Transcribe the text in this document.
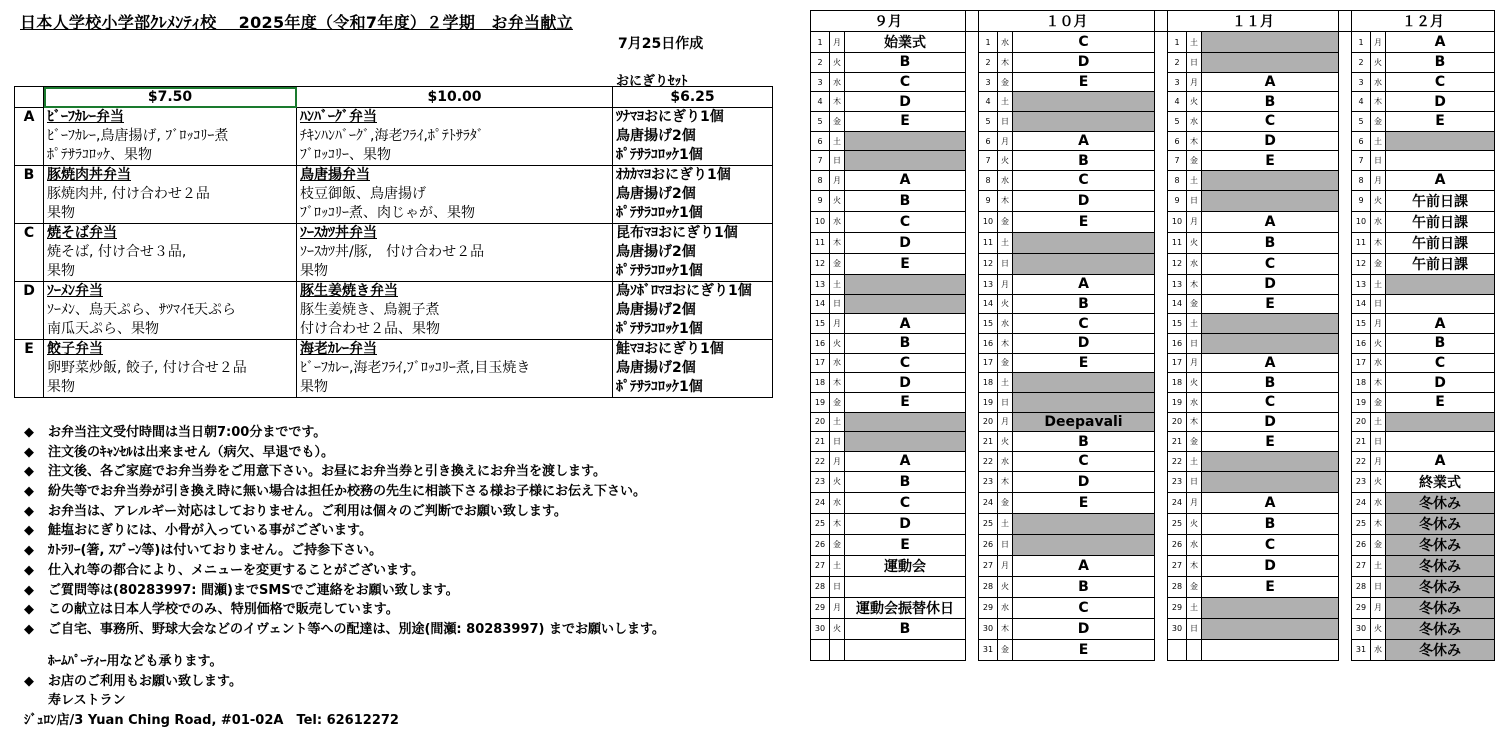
日本人学校小学部ｸﾚﾒﾝﾃｨ校　 2025年度（令和7年度）２学期　お弁当献立
7月25日作成
おにぎりｾｯﾄ
	$7.50	$10.00	$6.25
A	ﾋﾞｰﾌｶﾚｰ弁当	ﾊﾝﾊﾞｰｸﾞ弁当	ﾂﾅﾏﾖおにぎり1個
	ﾋﾞｰﾌｶﾚｰ,鳥唐揚げ, ﾌﾞﾛｯｺﾘｰ煮	ﾁｷﾝﾊﾝﾊﾞｰｸﾞ,海老ﾌﾗｲ,ﾎﾟﾃﾄｻﾗﾀﾞ	鳥唐揚げ2個
	ﾎﾟﾃｻﾗｺﾛｯｹ、果物	ﾌﾞﾛｯｺﾘｰ、果物	ﾎﾟﾃｻﾗｺﾛｯｹ1個
B	豚焼肉丼弁当	鳥唐揚弁当	ｵｶｶﾏﾖおにぎり1個
	豚焼肉丼, 付け合わせ２品	枝豆御飯、鳥唐揚げ	鳥唐揚げ2個
	果物	ﾌﾞﾛｯｺﾘｰ煮、肉じゃが、果物	ﾎﾟﾃｻﾗｺﾛｯｹ1個
C	焼そば弁当	ｿｰｽｶﾂ丼弁当	昆布ﾏﾖおにぎり1個
	焼そば, 付け合せ３品,	ｿｰｽｶﾂ丼/豚,　付け合わせ２品	鳥唐揚げ2個
	果物	果物	ﾎﾟﾃｻﾗｺﾛｯｹ1個
D	ｿｰﾒﾝ弁当	豚生姜焼き弁当	鳥ｿﾎﾞﾛﾏﾖおにぎり1個
	ｿｰﾒﾝ、鳥天ぷら、ｻﾂﾏｲﾓ天ぷら	豚生姜焼き、鳥親子煮	鳥唐揚げ2個
	南瓜天ぷら、果物	付け合わせ２品、果物	ﾎﾟﾃｻﾗｺﾛｯｹ1個
E	餃子弁当	海老ｶﾚｰ弁当	鮭ﾏﾖおにぎり1個
	卵野菜炒飯, 餃子, 付け合せ２品	ﾋﾞｰﾌｶﾚｰ,海老ﾌﾗｲ,ﾌﾞﾛｯｺﾘｰ煮,目玉焼き	鳥唐揚げ2個
	果物	果物	ﾎﾟﾃｻﾗｺﾛｯｹ1個
◆ お弁当注文受付時間は当日朝7:00分までです。
◆ 注文後のｷｬﾝｾﾙは出来ません（病欠、早退でも）。
◆ 注文後、各ご家庭でお弁当券をご用意下さい。お昼にお弁当券と引き換えにお弁当を渡します。
◆ 紛失等でお弁当券が引き換え時に無い場合は担任か校務の先生に相談下さる様お子様にお伝え下さい。
◆ お弁当は、アレルギー対応はしておりません。ご利用は個々のご判断でお願い致します。
◆ 鮭塩おにぎりには、小骨が入っている事がございます。
◆ ｶﾄﾗﾘｰ(箸, ｽﾌﾟｰﾝ等)は付いておりません。ご持参下さい。
◆ 仕入れ等の都合により、メニューを変更することがございます。
◆ ご質問等は(80283997: 間瀬)までSMSでご連絡をお願い致します。
◆ この献立は日本人学校でのみ、特別価格で販売しています。
◆ ご自宅、事務所、野球大会などのイヴェント等への配達は、別途(間瀬: 80283997) までお願いします。
ﾎｰﾑﾊﾟｰﾃｨｰ用なども承ります。
◆ お店のご利用もお願い致します。
寿レストラン
ｼﾞｭﾛﾝ店/3 Yuan Ching Road, #01-02A　Tel: 62612272
９月				１０月				１１月				１２月		
1	月	始業式		1	水	C		1	土			1	月	A
2	火	B		2	木	D		2	日			2	火	B
3	水	C		3	金	E		3	月	A		3	水	C
4	木	D		4	土			4	火	B		4	木	D
5	金	E		5	日			5	水	C		5	金	E
6	土			6	月	A		6	木	D		6	土	
7	日			7	火	B		7	金	E		7	日	
8	月	A		8	水	C		8	土			8	月	A
9	火	B		9	木	D		9	日			9	火	午前日課
10	水	C		10	金	E		10	月	A		10	水	午前日課
11	木	D		11	土			11	火	B		11	木	午前日課
12	金	E		12	日			12	水	C		12	金	午前日課
13	土			13	月	A		13	木	D		13	土	
14	日			14	火	B		14	金	E		14	日	
15	月	A		15	水	C		15	土			15	月	A
16	火	B		16	木	D		16	日			16	火	B
17	水	C		17	金	E		17	月	A		17	水	C
18	木	D		18	土			18	火	B		18	木	D
19	金	E		19	日			19	水	C		19	金	E
20	土			20	月	Deepavali		20	木	D		20	土	
21	日			21	火	B		21	金	E		21	日	
22	月	A		22	水	C		22	土			22	月	A
23	火	B		23	木	D		23	日			23	火	終業式
24	水	C		24	金	E		24	月	A		24	水	冬休み
25	木	D		25	土			25	火	B		25	木	冬休み
26	金	E		26	日			26	水	C		26	金	冬休み
27	土	運動会		27	月	A		27	木	D		27	土	冬休み
28	日			28	火	B		28	金	E		28	日	冬休み
29	月	運動会振替休日		29	水	C		29	土			29	月	冬休み
30	火	B		30	木	D		30	日			30	火	冬休み
				31	金	E						31	水	冬休み
